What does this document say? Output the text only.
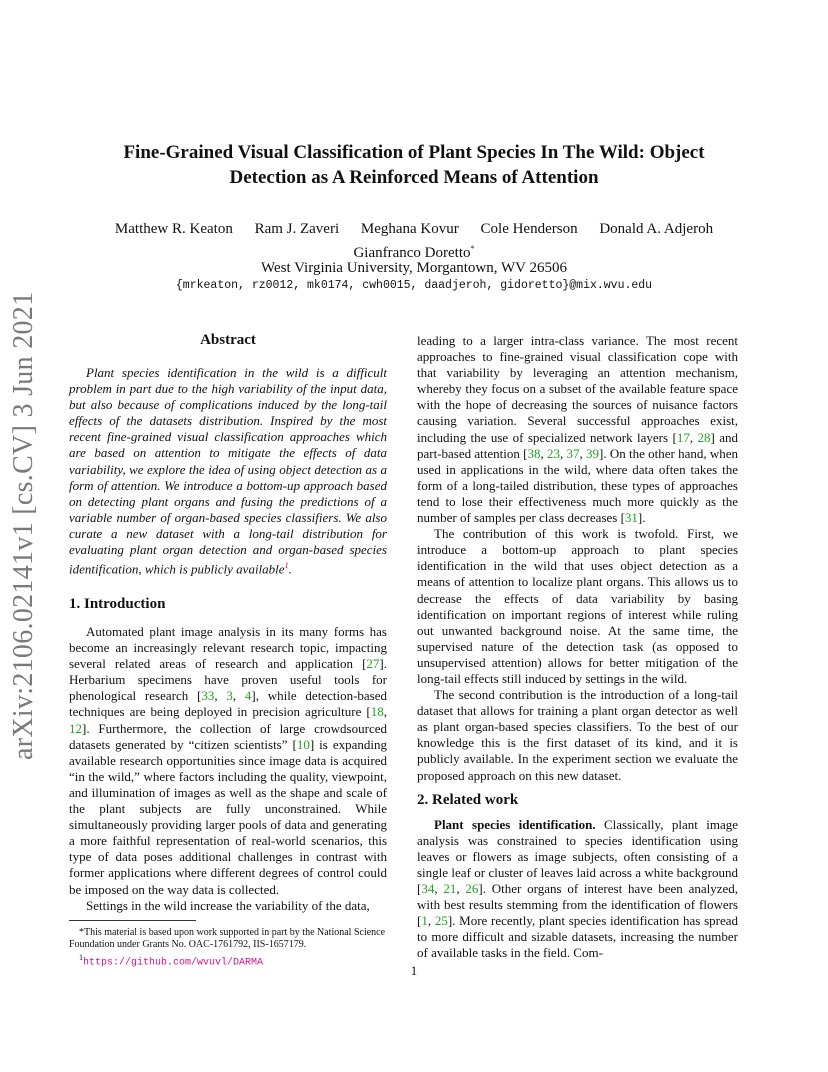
arXiv:2106.02141v1 [cs.CV] 3 Jun 2021
Fine-Grained Visual Classification of Plant Species In The Wild: Object
Detection as A Reinforced Means of Attention
Matthew R. Keaton Ram J. Zaveri Meghana Kovur Cole Henderson Donald A. Adjeroh
Gianfranco Doretto*
West Virginia University, Morgantown, WV 26506
{mrkeaton, rz0012, mk0174, cwh0015, daadjeroh, gidoretto}@mix.wvu.edu
Abstract

Plant species identification in the wild is a difficult problem in part due to the high variability of the input data, but also because of complications induced by the long-tail effects of the datasets distribution. Inspired by the most recent fine-grained visual classification approaches which are based on attention to mitigate the effects of data variability, we explore the idea of using object detection as a form of attention. We introduce a bottom-up approach based on detecting plant organs and fusing the predictions of a variable number of organ-based species classifiers. We also curate a new dataset with a long-tail distribution for evaluating plant organ detection and organ-based species identification, which is publicly available$^1$.

1. Introduction

Automated plant image analysis in its many forms has become an increasingly relevant research topic, impacting several related areas of research and application [27]. Herbarium specimens have proven useful tools for phenological research [33, 3, 4], while detection-based techniques are being deployed in precision agriculture [18, 12]. Furthermore, the collection of large crowdsourced datasets generated by “citizen scientists” [10] is expanding available research opportunities since image data is acquired “in the wild,” where factors including the quality, viewpoint, and illumination of images as well as the shape and scale of the plant subjects are fully unconstrained. While simultaneously providing larger pools of data and generating a more faithful representation of real-world scenarios, this type of data poses additional challenges in contrast with former applications where different degrees of control could be imposed on the way data is collected.

Settings in the wild increase the variability of the data,

*This material is based upon work supported in part by the National Science Foundation under Grants No. OAC-1761792, IIS-1657179.
$^1$https://github.com/wvuvl/DARMA

leading to a larger intra-class variance. The most recent approaches to fine-grained visual classification cope with that variability by leveraging an attention mechanism, whereby they focus on a subset of the available feature space with the hope of decreasing the sources of nuisance factors causing variation. Several successful approaches exist, including the use of specialized network layers [17, 28] and part-based attention [38, 23, 37, 39]. On the other hand, when used in applications in the wild, where data often takes the form of a long-tailed distribution, these types of approaches tend to lose their effectiveness much more quickly as the number of samples per class decreases [31].

The contribution of this work is twofold. First, we introduce a bottom-up approach to plant species identification in the wild that uses object detection as a means of attention to localize plant organs. This allows us to decrease the effects of data variability by basing identification on important regions of interest while ruling out unwanted background noise. At the same time, the supervised nature of the detection task (as opposed to unsupervised attention) allows for better mitigation of the long-tail effects still induced by settings in the wild.

The second contribution is the introduction of a long-tail dataset that allows for training a plant organ detector as well as plant organ-based species classifiers. To the best of our knowledge this is the first dataset of its kind, and it is publicly available. In the experiment section we evaluate the proposed approach on this new dataset.

2. Related work

Plant species identification. Classically, plant image analysis was constrained to species identification using leaves or flowers as image subjects, often consisting of a single leaf or cluster of leaves laid across a white background [34, 21, 26]. Other organs of interest have been analyzed, with best results stemming from the identification of flowers [1, 25]. More recently, plant species identification has spread to more difficult and sizable datasets, increasing the number of available tasks in the field. Com-

1
